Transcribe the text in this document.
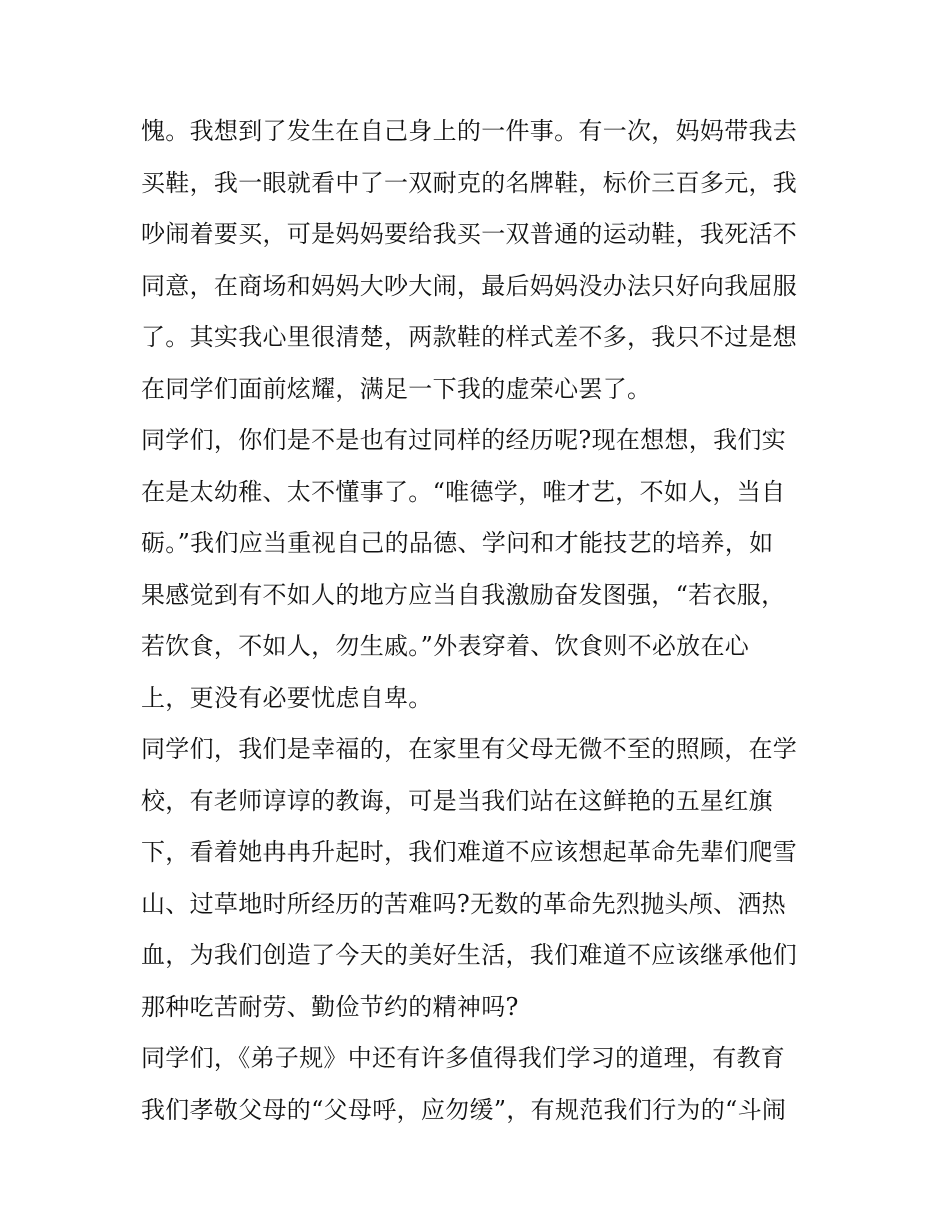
愧。我想到了发生在自己身上的一件事。有一次，妈妈带我去
买鞋，我一眼就看中了一双耐克的名牌鞋，标价三百多元，我
吵闹着要买，可是妈妈要给我买一双普通的运动鞋，我死活不
同意，在商场和妈妈大吵大闹，最后妈妈没办法只好向我屈服
了。其实我心里很清楚，两款鞋的样式差不多，我只不过是想
在同学们面前炫耀，满足一下我的虚荣心罢了。
同学们，你们是不是也有过同样的经历呢?现在想想，我们实
在是太幼稚、太不懂事了。“唯德学，唯才艺，不如人，当自
砺。”我们应当重视自己的品德、学问和才能技艺的培养，如
果感觉到有不如人的地方应当自我激励奋发图强，“若衣服，
若饮食，不如人，勿生戚。”外表穿着、饮食则不必放在心
上，更没有必要忧虑自卑。
同学们，我们是幸福的，在家里有父母无微不至的照顾，在学
校，有老师谆谆的教诲，可是当我们站在这鲜艳的五星红旗
下，看着她冉冉升起时，我们难道不应该想起革命先辈们爬雪
山、过草地时所经历的苦难吗?无数的革命先烈抛头颅、洒热
血，为我们创造了今天的美好生活，我们难道不应该继承他们
那种吃苦耐劳、勤俭节约的精神吗?
同学们，《弟子规》中还有许多值得我们学习的道理，有教育
我们孝敬父母的“父母呼，应勿缓”，有规范我们行为的“斗闹
